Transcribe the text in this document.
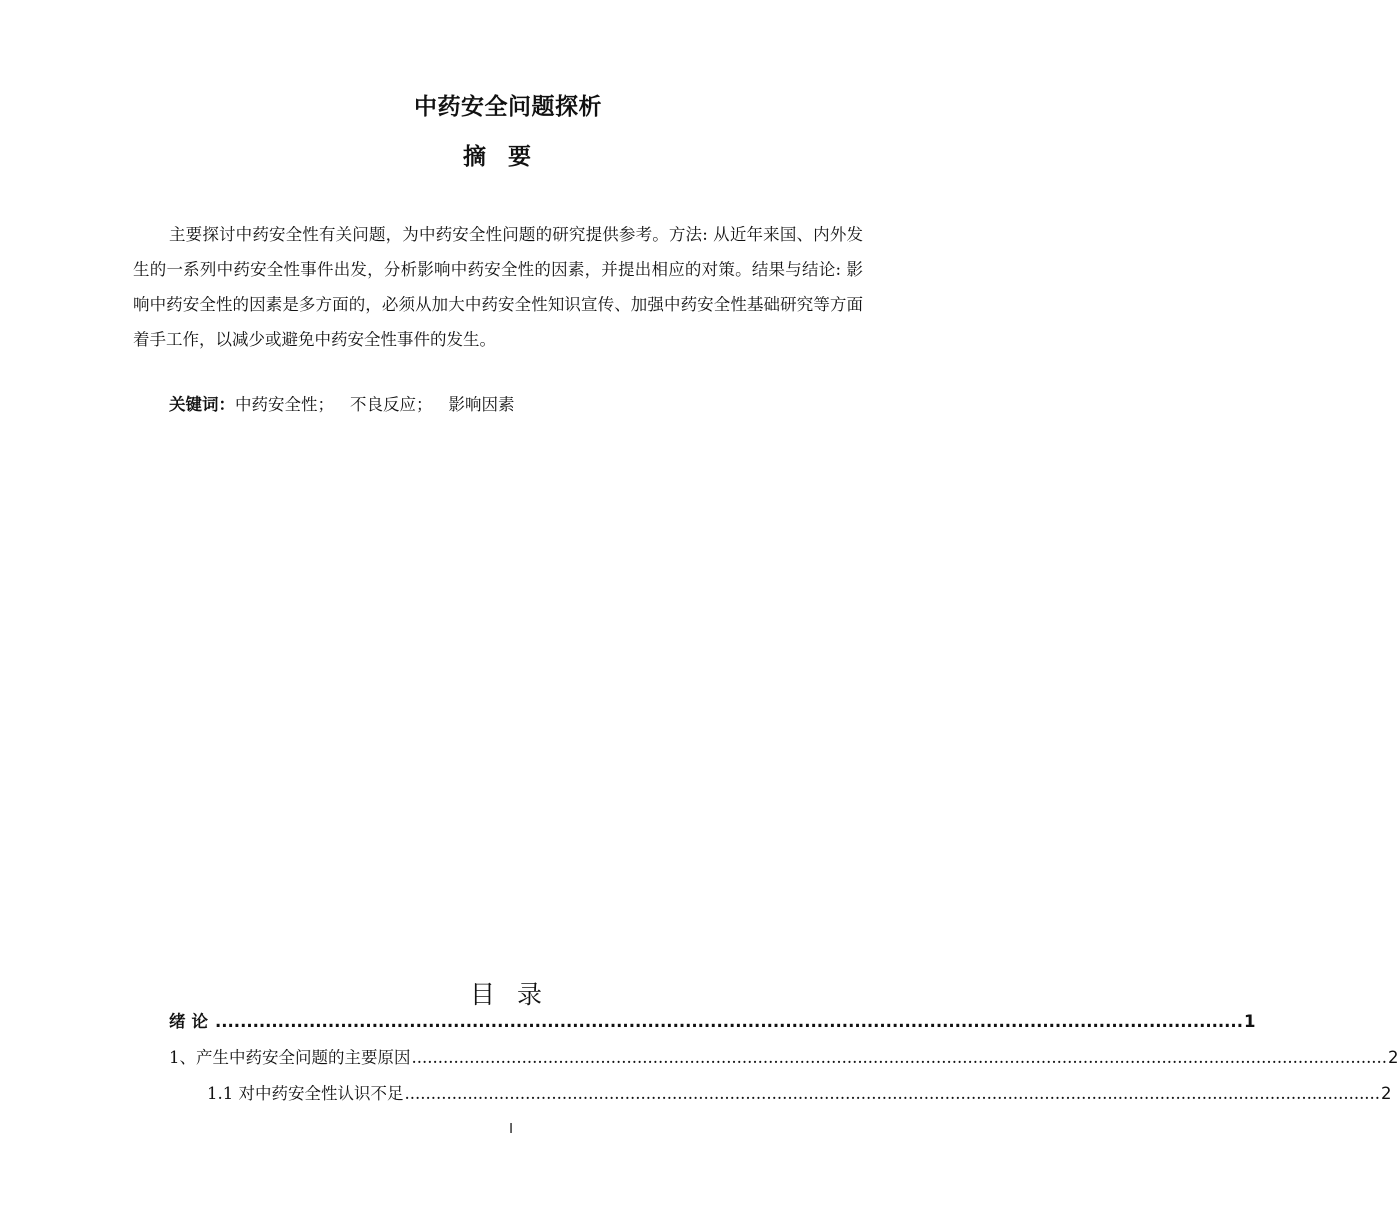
中药安全问题探析
摘要

主要探讨中药安全性有关问题，为中药安全性问题的研究提供参考。方法: 从近年来国、内外发生的一系列中药安全性事件出发，分析影响中药安全性的因素，并提出相应的对策。结果与结论: 影响中药安全性的因素是多方面的，必须从加大中药安全性知识宣传、加强中药安全性基础研究等方面着手工作，以减少或避免中药安全性事件的发生。

关键词：中药安全性； 不良反应； 影响因素
目录
绪论 .................................................................................................................................................................... 1
1、产生中药安全问题的主要原因 .......................................................................................................................................................................................... 2
1.1 对中药安全性认识不足 .......................................................................................................................................................................................... 2
I
